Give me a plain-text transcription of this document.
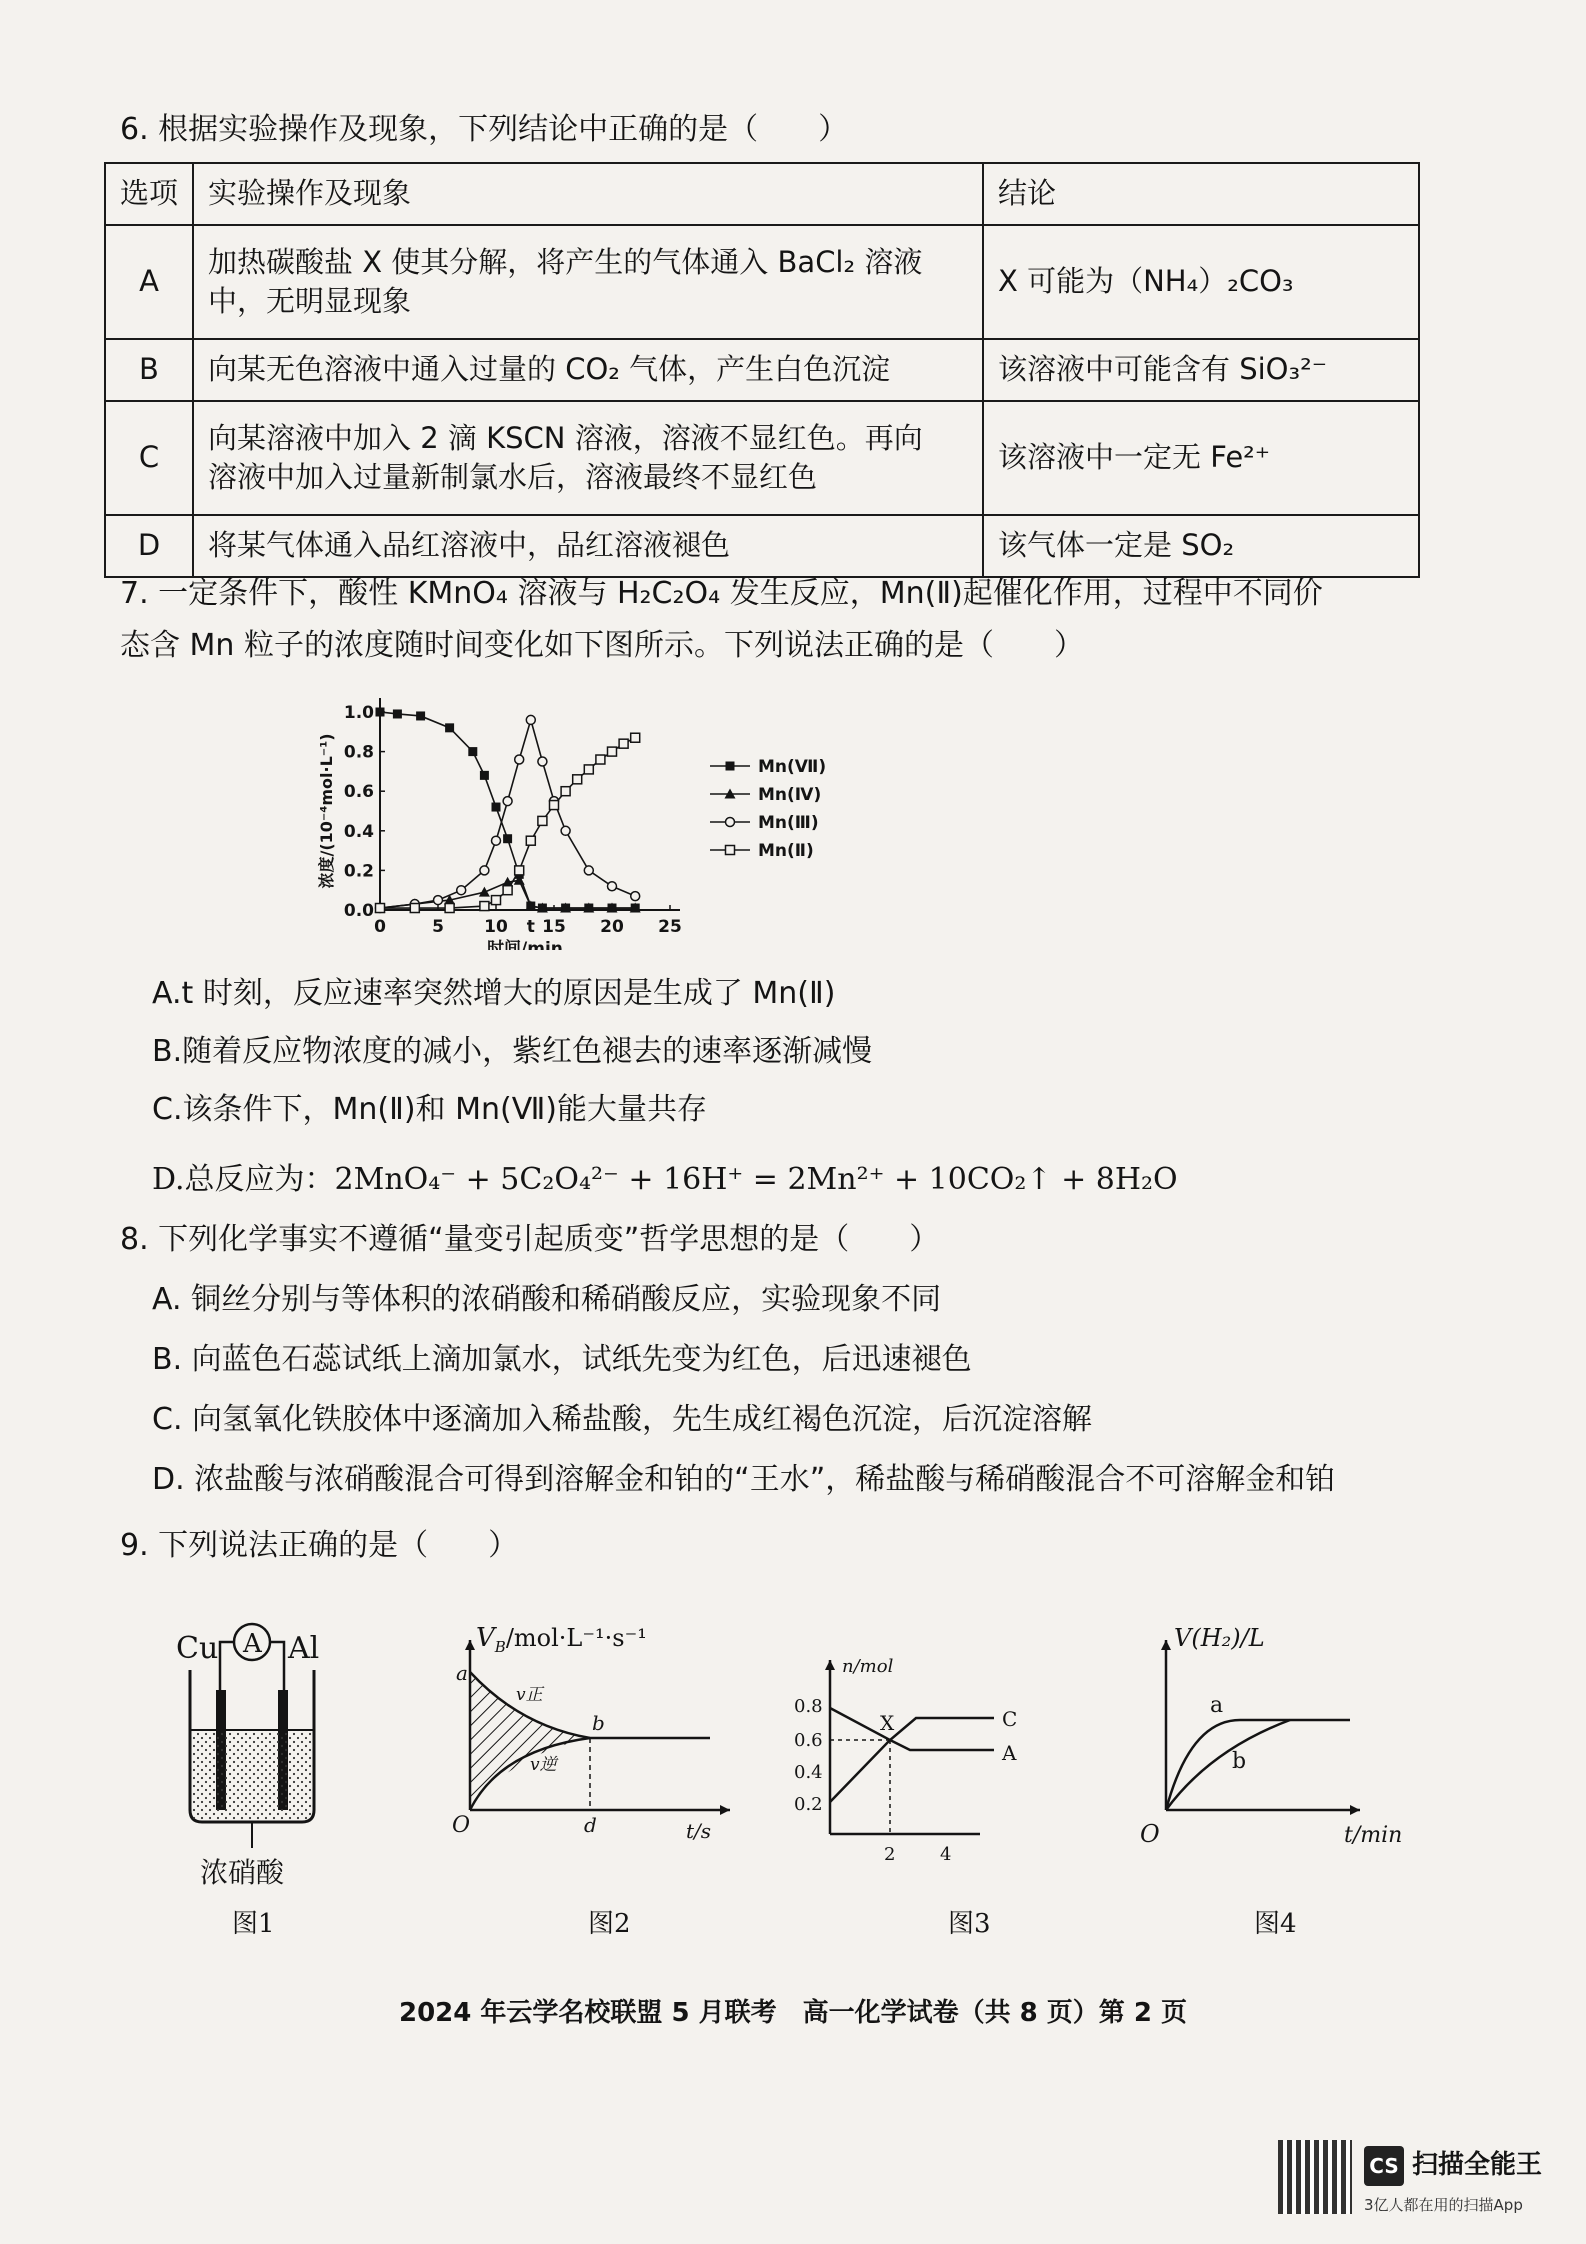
6. 根据实验操作及现象，下列结论中正确的是（　　）
选项	实验操作及现象	结论
A	加热碳酸盐 X 使其分解，将产生的气体通入 BaCl₂ 溶液
中，无明显现象	X 可能为（NH₄）₂CO₃
B	向某无色溶液中通入过量的 CO₂ 气体，产生白色沉淀	该溶液中可能含有 SiO₃²⁻
C	向某溶液中加入 2 滴 KSCN 溶液，溶液不显红色。再向
溶液中加入过量新制氯水后，溶液最终不显红色	该溶液中一定无 Fe²⁺
D	将某气体通入品红溶液中，品红溶液褪色	该气体一定是 SO₂
7. 一定条件下，酸性 KMnO₄ 溶液与 H₂C₂O₄ 发生反应，Mn(Ⅱ)起催化作用，过程中不同价
态含 Mn 粒子的浓度随时间变化如下图所示。下列说法正确的是（　　）
0.0
0.2
0.4
0.6
0.8
1.0
0	5 10 t 15 20 25
时间/min
浓度/(10⁻⁴mol·L⁻¹)	Mn(Ⅶ)
Mn(Ⅳ)
Mn(Ⅲ)
Mn(Ⅱ)
A.t 时刻，反应速率突然增大的原因是生成了 Mn(Ⅱ)
B.随着反应物浓度的减小，紫红色褪去的速率逐渐减慢
C.该条件下，Mn(Ⅱ)和 Mn(Ⅶ)能大量共存
D.总反应为：2MnO₄⁻ + 5C₂O₄²⁻ + 16H⁺ = 2Mn²⁺ + 10CO₂↑ + 8H₂O
8. 下列化学事实不遵循“量变引起质变”哲学思想的是（　　）
A. 铜丝分别与等体积的浓硝酸和稀硝酸反应，实验现象不同
B. 向蓝色石蕊试纸上滴加氯水，试纸先变为红色，后迅速褪色
C. 向氢氧化铁胶体中逐滴加入稀盐酸，先生成红褐色沉淀，后沉淀溶解
D. 浓盐酸与浓硝酸混合可得到溶解金和铂的“王水”，稀盐酸与稀硝酸混合不可溶解金和铂
9. 下列说法正确的是（　　）
Cu A Al
浓硝酸
图1
$V_B/mol\cdot L^{-1}\cdot s^{-1}$
a
b
v正
v逆
O	d	t/s
图2
n/mol
0.8
0.6
0.4
0.2
X	C
A
2 4
图3
V(H₂)/L
a
b
O	t/min
图4
2024 年云学名校联盟 5 月联考　高一化学试卷（共 8 页）第 2 页
CS 扫描全能王
3亿人都在用的扫描App
